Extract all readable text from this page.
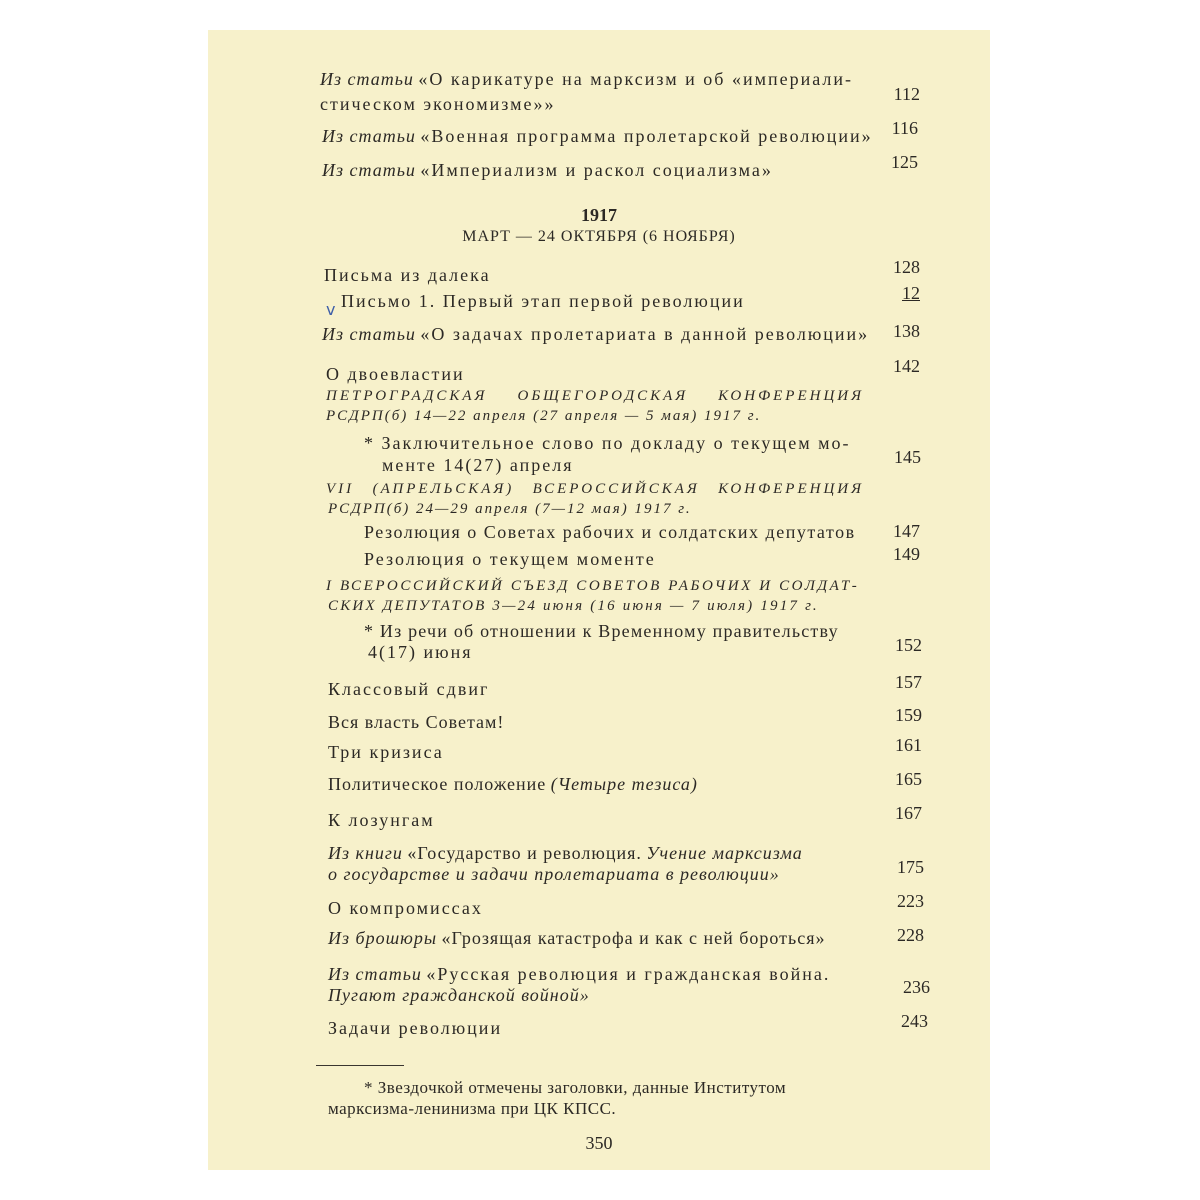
Из статьи «О карикатуре на марксизм и об «империали-
стическом экономизме»»	112
Из статьи «Военная программа пролетарской революции»	116
Из статьи «Империализм и раскол социализма»	125
1917
МАРТ — 24 ОКТЯБРЯ (6 НОЯБРЯ)
Письма из далека	128
v Письмо 1. Первый этап первой революции	12
Из статьи «О задачах пролетариата в данной революции»	138
О двоевластии	142
ПЕТРОГРАДСКАЯ ОБЩЕГОРОДСКАЯ КОНФЕРЕНЦИЯ
РСДРП(б) 14—22 апреля (27 апреля — 5 мая) 1917 г.
* Заключительное слово по докладу о текущем мо-
менте 14(27) апреля	145
VII (АПРЕЛЬСКАЯ) ВСЕРОССИЙСКАЯ КОНФЕРЕНЦИЯ
РСДРП(б) 24—29 апреля (7—12 мая) 1917 г.
Резолюция о Советах рабочих и солдатских депутатов	147
Резолюция о текущем моменте	149
I ВСЕРОССИЙСКИЙ СЪЕЗД СОВЕТОВ РАБОЧИХ И СОЛДАТ-
СКИХ ДЕПУТАТОВ 3—24 июня (16 июня — 7 июля) 1917 г.
* Из речи об отношении к Временному правительству
4(17) июня	152
Классовый сдвиг	157
Вся власть Советам!	159
Три кризиса	161
Политическое положение (Четыре тезиса)	165
К лозунгам	167
Из книги «Государство и революция. Учение марксизма
о государстве и задачи пролетариата в революции»	175
О компромиссах	223
Из брошюры «Грозящая катастрофа и как с ней бороться»	228
Из статьи «Русская революция и гражданская война.
Пугают гражданской войной»	236
Задачи революции	243
* Звездочкой отмечены заголовки, данные Институтом
марксизма-ленинизма при ЦК КПСС.
350
